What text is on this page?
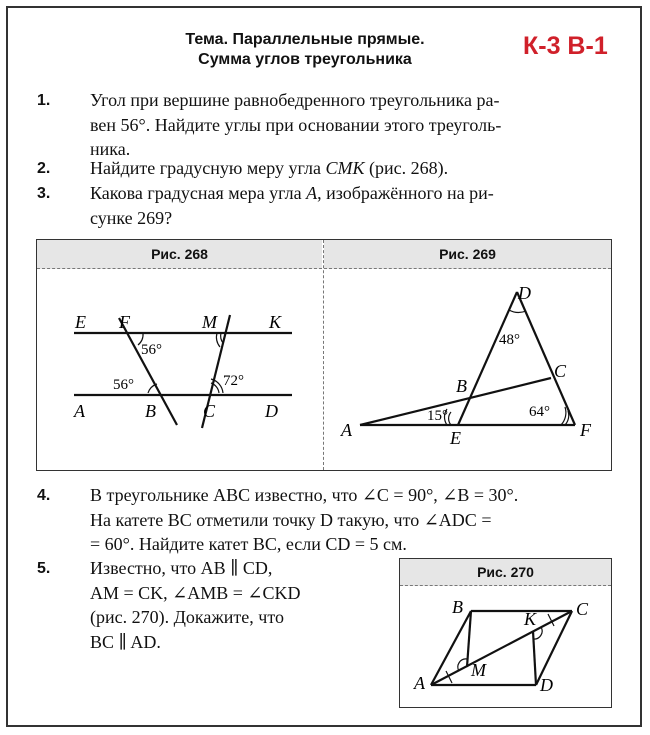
Тема. Параллельные прямые.
Сумма углов треугольника	К-3 В-1
1. Угол при вершине равнобедренного треугольника ра-
вен 56°. Найдите углы при основании этого треуголь-
ника.
2. Найдите градусную меру угла CMK (рис. 268).
3. Какова градусная мера угла A, изображённого на ри-
сунке 269?
Рис. 268	Рис. 269
E F	M	K
A	B	C	D
56°
56°	72°
D
C
B
A	E	F
48°
15°	64°
4. В треугольнике ABC известно, что ∠C = 90°, ∠B = 30°.
На катете BC отметили точку D такую, что ∠ADC =
= 60°. Найдите катет BC, если CD = 5 см.
5. Известно, что AB ∥ CD,
AM = CK, ∠AMB = ∠CKD
(рис. 270). Докажите, что
BC ∥ AD.
Рис. 270
B	C
K
M
A	D
